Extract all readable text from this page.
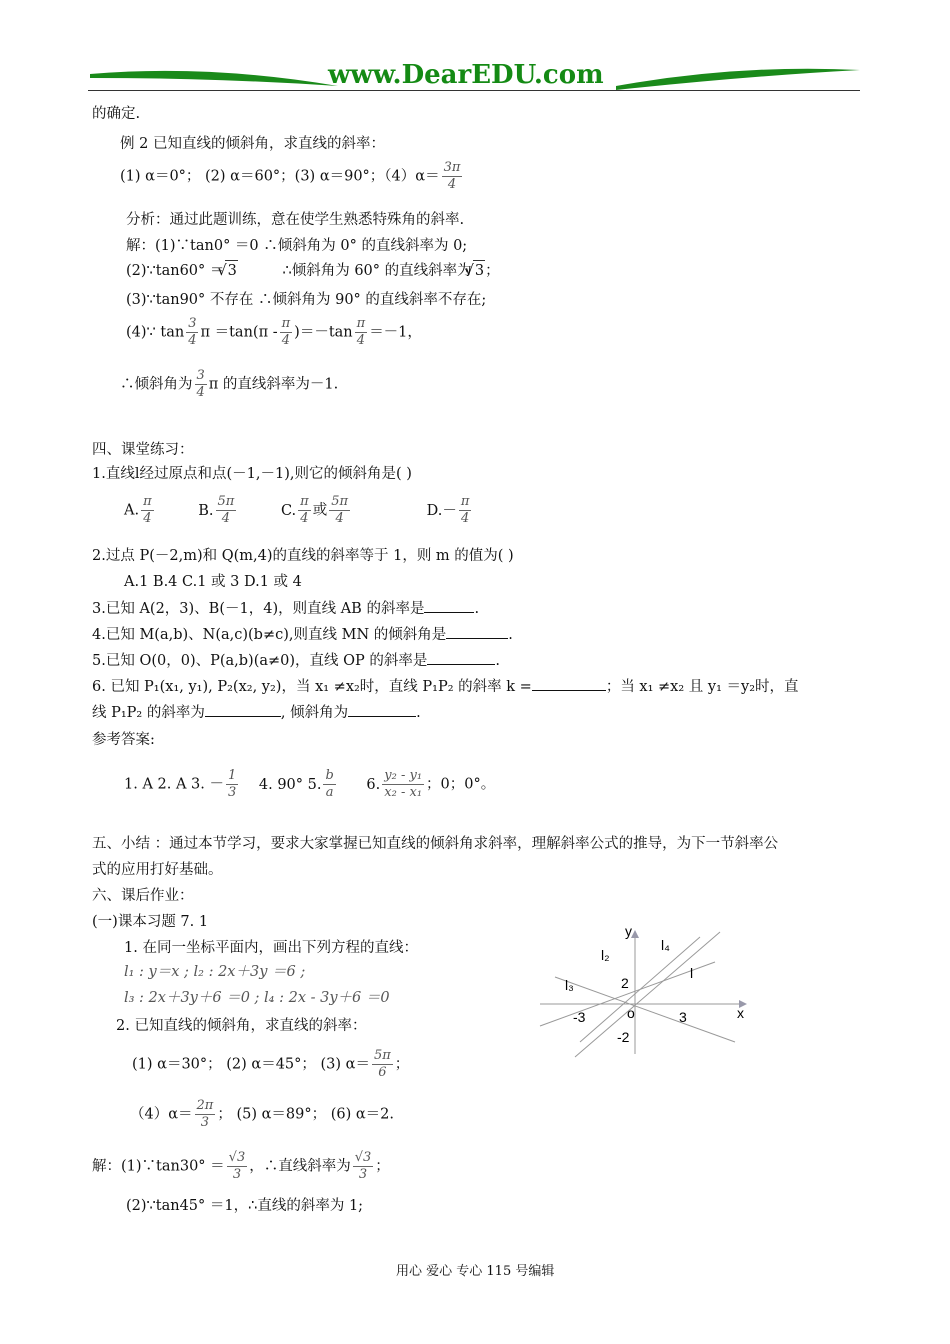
www.DearEDU.com
的确定.
例 2 已知直线的倾斜角，求直线的斜率：
(1) α＝0°； (2) α＝60°；(3) α＝90°；$(4)\alpha= \frac{3\pi}{4}$
分析：通过此题训练，意在使学生熟悉特殊角的斜率.
解：(1)∵tan0° ＝0 ∴倾斜角为 0° 的直线斜率为 0;
(2)∵tan60° ＝ √ 3	∴倾斜角为 60° 的直线斜率为 √ 3；
(3)∵tan90° 不存在 ∴倾斜角为 90° 的直线斜率不存在;
(4)∵ $\tan \frac{3}{4}$ $\pi =\tan(\pi - \frac{\pi}{4} )=-\tan \frac{\pi}{4} =-1$，
∴倾斜角为 $\frac{3}{4}$ π 的直线斜率为－1.
四、课堂练习：
1.直线l经过原点和点(－1,－1),则它的倾斜角是( )
A. $\frac{\pi}{4}$	B. $\frac{5\pi}{4}$	C. $\frac{\pi}{4}$ 或 $\frac{5\pi}{4}$	$D.- \frac{\pi}{4}$
2.过点 P(－2,m)和 Q(m,4)的直线的斜率等于 1，则 m 的值为( )
A.1 B.4 C.1 或 3 D.1 或 4
3.已知 A(2，3)、B(－1，4)，则直线 AB 的斜率是	.
4.已知 M(a,b)、N(a,c)(b≠c),则直线 MN 的倾斜角是	.
5.已知 O(0，0)、P(a,b)(a≠0)，直线 OP 的斜率是	.
6. 已知 P₁(x₁, y₁), P₂(x₂, y₂)，当 x₁ ≠x₂时，直线 P₁P₂ 的斜率 k =	；当 x₁ ≠x₂ 且 y₁ ＝y₂时，直
线 P₁P₂ 的斜率为	, 倾斜角为	.
参考答案:
1. A 2. A 3. － $\frac{1}{3} 4$. 90° 5. $\frac{b}{a} 6$. $\frac{\text{y₂ - y₁}}{\text{x₂ - x₁}}$ ；0；0°。
五、小结 ：通过本节学习，要求大家掌握已知直线的倾斜角求斜率，理解斜率公式的推导，为下一节斜率公
式的应用打好基础。
六、课后作业：
(一)课本习题 7. 1
1. 在同一坐标平面内，画出下列方程的直线：
l₁ : y＝x ; l₂ : 2x＋3y ＝6 ;
l₃ : 2x＋3y＋6 ＝0 ; l₄ : 2x - 3y＋6 ＝0
2. 已知直线的倾斜角，求直线的斜率：
(1) α＝30°； (2) α＝45°； (3) $\alpha= \frac{5\pi}{6}$ ；
$(4)\alpha= \frac{2\pi}{3}$ ； (5) α＝89°； (6) α＝2.
解：(1)∵tan30° ＝ $\frac{√3}{3}$ ，∴直线斜率为 $\frac{√3}{3}$ ；
(2)∵tan45° ＝1，∴直线的斜率为 1;
y
x
l₂
l₄
l
l₃	2
-2
3
-3	o
用心 爱心 专心 115 号编辑
